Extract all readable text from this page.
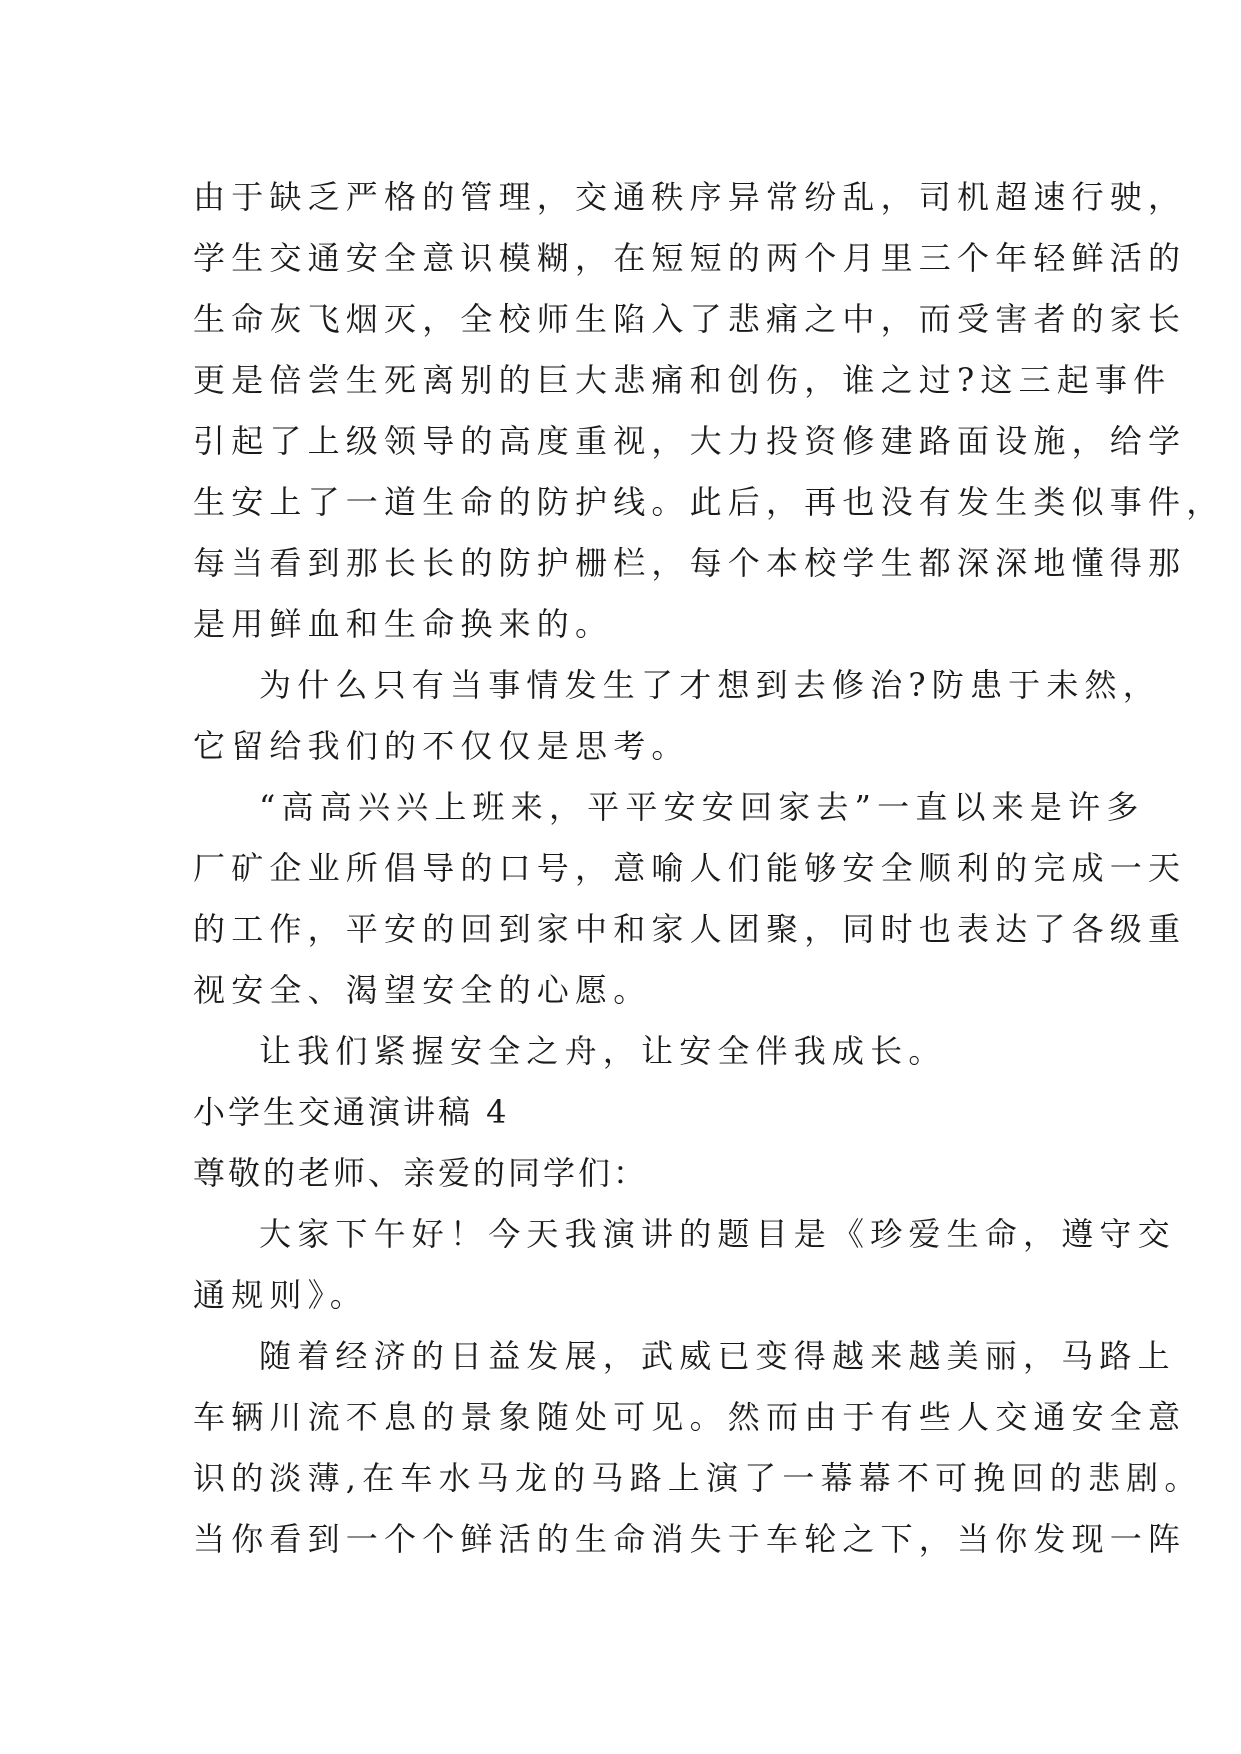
由于缺乏严格的管理，交通秩序异常纷乱，司机超速行驶，
学生交通安全意识模糊，在短短的两个月里三个年轻鲜活的
生命灰飞烟灭，全校师生陷入了悲痛之中，而受害者的家长
更是倍尝生死离别的巨大悲痛和创伤，谁之过?这三起事件
引起了上级领导的高度重视，大力投资修建路面设施，给学
生安上了一道生命的防护线。此后，再也没有发生类似事件，
每当看到那长长的防护栅栏，每个本校学生都深深地懂得那
是用鲜血和生命换来的。
为什么只有当事情发生了才想到去修治?防患于未然，
它留给我们的不仅仅是思考。
“高高兴兴上班来，平平安安回家去”一直以来是许多
厂矿企业所倡导的口号，意喻人们能够安全顺利的完成一天
的工作，平安的回到家中和家人团聚，同时也表达了各级重
视安全、渴望安全的心愿。
让我们紧握安全之舟，让安全伴我成长。
小学生交通演讲稿 4
尊敬的老师、亲爱的同学们：
大家下午好！今天我演讲的题目是《珍爱生命，遵守交
通规则》。
随着经济的日益发展，武威已变得越来越美丽，马路上
车辆川流不息的景象随处可见。然而由于有些人交通安全意
识的淡薄,在车水马龙的马路上演了一幕幕不可挽回的悲剧。
当你看到一个个鲜活的生命消失于车轮之下，当你发现一阵
